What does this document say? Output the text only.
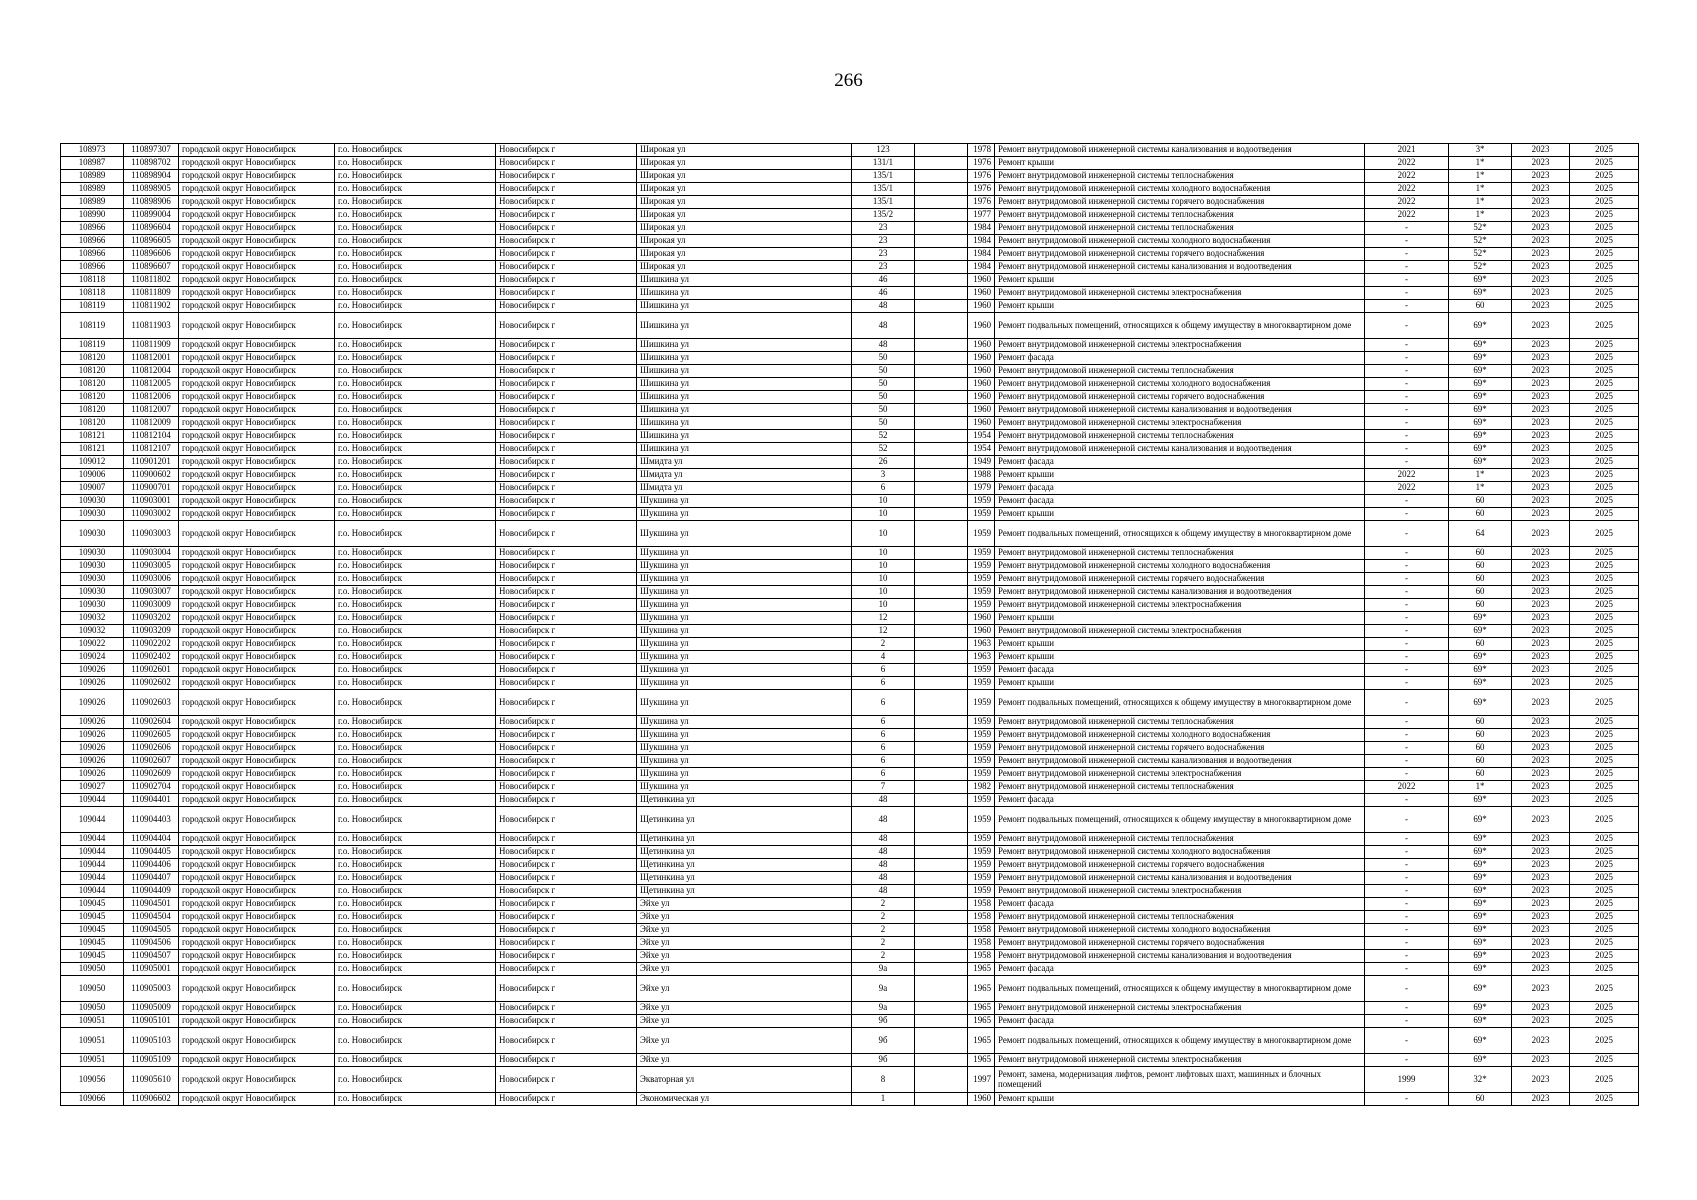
266
108973	110897307	городской округ Новосибирск	г.о. Новосибирск	Новосибирск г	Широкая ул	123		1978	Ремонт внутридомовой инженерной системы канализования и водоотведения	2021	3*	2023	2025
108987	110898702	городской округ Новосибирск	г.о. Новосибирск	Новосибирск г	Широкая ул	131/1		1976	Ремонт крыши	2022	1*	2023	2025
108989	110898904	городской округ Новосибирск	г.о. Новосибирск	Новосибирск г	Широкая ул	135/1		1976	Ремонт внутридомовой инженерной системы теплоснабжения	2022	1*	2023	2025
108989	110898905	городской округ Новосибирск	г.о. Новосибирск	Новосибирск г	Широкая ул	135/1		1976	Ремонт внутридомовой инженерной системы холодного водоснабжения	2022	1*	2023	2025
108989	110898906	городской округ Новосибирск	г.о. Новосибирск	Новосибирск г	Широкая ул	135/1		1976	Ремонт внутридомовой инженерной системы горячего водоснабжения	2022	1*	2023	2025
108990	110899004	городской округ Новосибирск	г.о. Новосибирск	Новосибирск г	Широкая ул	135/2		1977	Ремонт внутридомовой инженерной системы теплоснабжения	2022	1*	2023	2025
108966	110896604	городской округ Новосибирск	г.о. Новосибирск	Новосибирск г	Широкая ул	23		1984	Ремонт внутридомовой инженерной системы теплоснабжения	-	52*	2023	2025
108966	110896605	городской округ Новосибирск	г.о. Новосибирск	Новосибирск г	Широкая ул	23		1984	Ремонт внутридомовой инженерной системы холодного водоснабжения	-	52*	2023	2025
108966	110896606	городской округ Новосибирск	г.о. Новосибирск	Новосибирск г	Широкая ул	23		1984	Ремонт внутридомовой инженерной системы горячего водоснабжения	-	52*	2023	2025
108966	110896607	городской округ Новосибирск	г.о. Новосибирск	Новосибирск г	Широкая ул	23		1984	Ремонт внутридомовой инженерной системы канализования и водоотведения	-	52*	2023	2025
108118	110811802	городской округ Новосибирск	г.о. Новосибирск	Новосибирск г	Шишкина ул	46		1960	Ремонт крыши	-	69*	2023	2025
108118	110811809	городской округ Новосибирск	г.о. Новосибирск	Новосибирск г	Шишкина ул	46		1960	Ремонт внутридомовой инженерной системы электроснабжения	-	69*	2023	2025
108119	110811902	городской округ Новосибирск	г.о. Новосибирск	Новосибирск г	Шишкина ул	48		1960	Ремонт крыши	-	60	2023	2025
108119	110811903	городской округ Новосибирск	г.о. Новосибирск	Новосибирск г	Шишкина ул	48		1960	Ремонт подвальных помещений, относящихся к общему имуществу в многоквартирном доме	-	69*	2023	2025
108119	110811909	городской округ Новосибирск	г.о. Новосибирск	Новосибирск г	Шишкина ул	48		1960	Ремонт внутридомовой инженерной системы электроснабжения	-	69*	2023	2025
108120	110812001	городской округ Новосибирск	г.о. Новосибирск	Новосибирск г	Шишкина ул	50		1960	Ремонт фасада	-	69*	2023	2025
108120	110812004	городской округ Новосибирск	г.о. Новосибирск	Новосибирск г	Шишкина ул	50		1960	Ремонт внутридомовой инженерной системы теплоснабжения	-	69*	2023	2025
108120	110812005	городской округ Новосибирск	г.о. Новосибирск	Новосибирск г	Шишкина ул	50		1960	Ремонт внутридомовой инженерной системы холодного водоснабжения	-	69*	2023	2025
108120	110812006	городской округ Новосибирск	г.о. Новосибирск	Новосибирск г	Шишкина ул	50		1960	Ремонт внутридомовой инженерной системы горячего водоснабжения	-	69*	2023	2025
108120	110812007	городской округ Новосибирск	г.о. Новосибирск	Новосибирск г	Шишкина ул	50		1960	Ремонт внутридомовой инженерной системы канализования и водоотведения	-	69*	2023	2025
108120	110812009	городской округ Новосибирск	г.о. Новосибирск	Новосибирск г	Шишкина ул	50		1960	Ремонт внутридомовой инженерной системы электроснабжения	-	69*	2023	2025
108121	110812104	городской округ Новосибирск	г.о. Новосибирск	Новосибирск г	Шишкина ул	52		1954	Ремонт внутридомовой инженерной системы теплоснабжения	-	69*	2023	2025
108121	110812107	городской округ Новосибирск	г.о. Новосибирск	Новосибирск г	Шишкина ул	52		1954	Ремонт внутридомовой инженерной системы канализования и водоотведения	-	69*	2023	2025
109012	110901201	городской округ Новосибирск	г.о. Новосибирск	Новосибирск г	Шмидта ул	26		1949	Ремонт фасада	-	69*	2023	2025
109006	110900602	городской округ Новосибирск	г.о. Новосибирск	Новосибирск г	Шмидта ул	3		1988	Ремонт крыши	2022	1*	2023	2025
109007	110900701	городской округ Новосибирск	г.о. Новосибирск	Новосибирск г	Шмидта ул	6		1979	Ремонт фасада	2022	1*	2023	2025
109030	110903001	городской округ Новосибирск	г.о. Новосибирск	Новосибирск г	Шукшина ул	10		1959	Ремонт фасада	-	60	2023	2025
109030	110903002	городской округ Новосибирск	г.о. Новосибирск	Новосибирск г	Шукшина ул	10		1959	Ремонт крыши	-	60	2023	2025
109030	110903003	городской округ Новосибирск	г.о. Новосибирск	Новосибирск г	Шукшина ул	10		1959	Ремонт подвальных помещений, относящихся к общему имуществу в многоквартирном доме	-	64	2023	2025
109030	110903004	городской округ Новосибирск	г.о. Новосибирск	Новосибирск г	Шукшина ул	10		1959	Ремонт внутридомовой инженерной системы теплоснабжения	-	60	2023	2025
109030	110903005	городской округ Новосибирск	г.о. Новосибирск	Новосибирск г	Шукшина ул	10		1959	Ремонт внутридомовой инженерной системы холодного водоснабжения	-	60	2023	2025
109030	110903006	городской округ Новосибирск	г.о. Новосибирск	Новосибирск г	Шукшина ул	10		1959	Ремонт внутридомовой инженерной системы горячего водоснабжения	-	60	2023	2025
109030	110903007	городской округ Новосибирск	г.о. Новосибирск	Новосибирск г	Шукшина ул	10		1959	Ремонт внутридомовой инженерной системы канализования и водоотведения	-	60	2023	2025
109030	110903009	городской округ Новосибирск	г.о. Новосибирск	Новосибирск г	Шукшина ул	10		1959	Ремонт внутридомовой инженерной системы электроснабжения	-	60	2023	2025
109032	110903202	городской округ Новосибирск	г.о. Новосибирск	Новосибирск г	Шукшина ул	12		1960	Ремонт крыши	-	69*	2023	2025
109032	110903209	городской округ Новосибирск	г.о. Новосибирск	Новосибирск г	Шукшина ул	12		1960	Ремонт внутридомовой инженерной системы электроснабжения	-	69*	2023	2025
109022	110902202	городской округ Новосибирск	г.о. Новосибирск	Новосибирск г	Шукшина ул	2		1963	Ремонт крыши	-	60	2023	2025
109024	110902402	городской округ Новосибирск	г.о. Новосибирск	Новосибирск г	Шукшина ул	4		1963	Ремонт крыши	-	69*	2023	2025
109026	110902601	городской округ Новосибирск	г.о. Новосибирск	Новосибирск г	Шукшина ул	6		1959	Ремонт фасада	-	69*	2023	2025
109026	110902602	городской округ Новосибирск	г.о. Новосибирск	Новосибирск г	Шукшина ул	6		1959	Ремонт крыши	-	69*	2023	2025
109026	110902603	городской округ Новосибирск	г.о. Новосибирск	Новосибирск г	Шукшина ул	6		1959	Ремонт подвальных помещений, относящихся к общему имуществу в многоквартирном доме	-	69*	2023	2025
109026	110902604	городской округ Новосибирск	г.о. Новосибирск	Новосибирск г	Шукшина ул	6		1959	Ремонт внутридомовой инженерной системы теплоснабжения	-	60	2023	2025
109026	110902605	городской округ Новосибирск	г.о. Новосибирск	Новосибирск г	Шукшина ул	6		1959	Ремонт внутридомовой инженерной системы холодного водоснабжения	-	60	2023	2025
109026	110902606	городской округ Новосибирск	г.о. Новосибирск	Новосибирск г	Шукшина ул	6		1959	Ремонт внутридомовой инженерной системы горячего водоснабжения	-	60	2023	2025
109026	110902607	городской округ Новосибирск	г.о. Новосибирск	Новосибирск г	Шукшина ул	6		1959	Ремонт внутридомовой инженерной системы канализования и водоотведения	-	60	2023	2025
109026	110902609	городской округ Новосибирск	г.о. Новосибирск	Новосибирск г	Шукшина ул	6		1959	Ремонт внутридомовой инженерной системы электроснабжения	-	60	2023	2025
109027	110902704	городской округ Новосибирск	г.о. Новосибирск	Новосибирск г	Шукшина ул	7		1982	Ремонт внутридомовой инженерной системы теплоснабжения	2022	1*	2023	2025
109044	110904401	городской округ Новосибирск	г.о. Новосибирск	Новосибирск г	Щетинкина ул	48		1959	Ремонт фасада	-	69*	2023	2025
109044	110904403	городской округ Новосибирск	г.о. Новосибирск	Новосибирск г	Щетинкина ул	48		1959	Ремонт подвальных помещений, относящихся к общему имуществу в многоквартирном доме	-	69*	2023	2025
109044	110904404	городской округ Новосибирск	г.о. Новосибирск	Новосибирск г	Щетинкина ул	48		1959	Ремонт внутридомовой инженерной системы теплоснабжения	-	69*	2023	2025
109044	110904405	городской округ Новосибирск	г.о. Новосибирск	Новосибирск г	Щетинкина ул	48		1959	Ремонт внутридомовой инженерной системы холодного водоснабжения	-	69*	2023	2025
109044	110904406	городской округ Новосибирск	г.о. Новосибирск	Новосибирск г	Щетинкина ул	48		1959	Ремонт внутридомовой инженерной системы горячего водоснабжения	-	69*	2023	2025
109044	110904407	городской округ Новосибирск	г.о. Новосибирск	Новосибирск г	Щетинкина ул	48		1959	Ремонт внутридомовой инженерной системы канализования и водоотведения	-	69*	2023	2025
109044	110904409	городской округ Новосибирск	г.о. Новосибирск	Новосибирск г	Щетинкина ул	48		1959	Ремонт внутридомовой инженерной системы электроснабжения	-	69*	2023	2025
109045	110904501	городской округ Новосибирск	г.о. Новосибирск	Новосибирск г	Эйхе ул	2		1958	Ремонт фасада	-	69*	2023	2025
109045	110904504	городской округ Новосибирск	г.о. Новосибирск	Новосибирск г	Эйхе ул	2		1958	Ремонт внутридомовой инженерной системы теплоснабжения	-	69*	2023	2025
109045	110904505	городской округ Новосибирск	г.о. Новосибирск	Новосибирск г	Эйхе ул	2		1958	Ремонт внутридомовой инженерной системы холодного водоснабжения	-	69*	2023	2025
109045	110904506	городской округ Новосибирск	г.о. Новосибирск	Новосибирск г	Эйхе ул	2		1958	Ремонт внутридомовой инженерной системы горячего водоснабжения	-	69*	2023	2025
109045	110904507	городской округ Новосибирск	г.о. Новосибирск	Новосибирск г	Эйхе ул	2		1958	Ремонт внутридомовой инженерной системы канализования и водоотведения	-	69*	2023	2025
109050	110905001	городской округ Новосибирск	г.о. Новосибирск	Новосибирск г	Эйхе ул	9а		1965	Ремонт фасада	-	69*	2023	2025
109050	110905003	городской округ Новосибирск	г.о. Новосибирск	Новосибирск г	Эйхе ул	9а		1965	Ремонт подвальных помещений, относящихся к общему имуществу в многоквартирном доме	-	69*	2023	2025
109050	110905009	городской округ Новосибирск	г.о. Новосибирск	Новосибирск г	Эйхе ул	9а		1965	Ремонт внутридомовой инженерной системы электроснабжения	-	69*	2023	2025
109051	110905101	городской округ Новосибирск	г.о. Новосибирск	Новосибирск г	Эйхе ул	9б		1965	Ремонт фасада	-	69*	2023	2025
109051	110905103	городской округ Новосибирск	г.о. Новосибирск	Новосибирск г	Эйхе ул	9б		1965	Ремонт подвальных помещений, относящихся к общему имуществу в многоквартирном доме	-	69*	2023	2025
109051	110905109	городской округ Новосибирск	г.о. Новосибирск	Новосибирск г	Эйхе ул	9б		1965	Ремонт внутридомовой инженерной системы электроснабжения	-	69*	2023	2025
109056	110905610	городской округ Новосибирск	г.о. Новосибирск	Новосибирск г	Экваторная ул	8		1997	Ремонт, замена, модернизация лифтов, ремонт лифтовых шахт, машинных и блочных помещений	1999	32*	2023	2025
109066	110906602	городской округ Новосибирск	г.о. Новосибирск	Новосибирск г	Экономическая ул	1		1960	Ремонт крыши	-	60	2023	2025
